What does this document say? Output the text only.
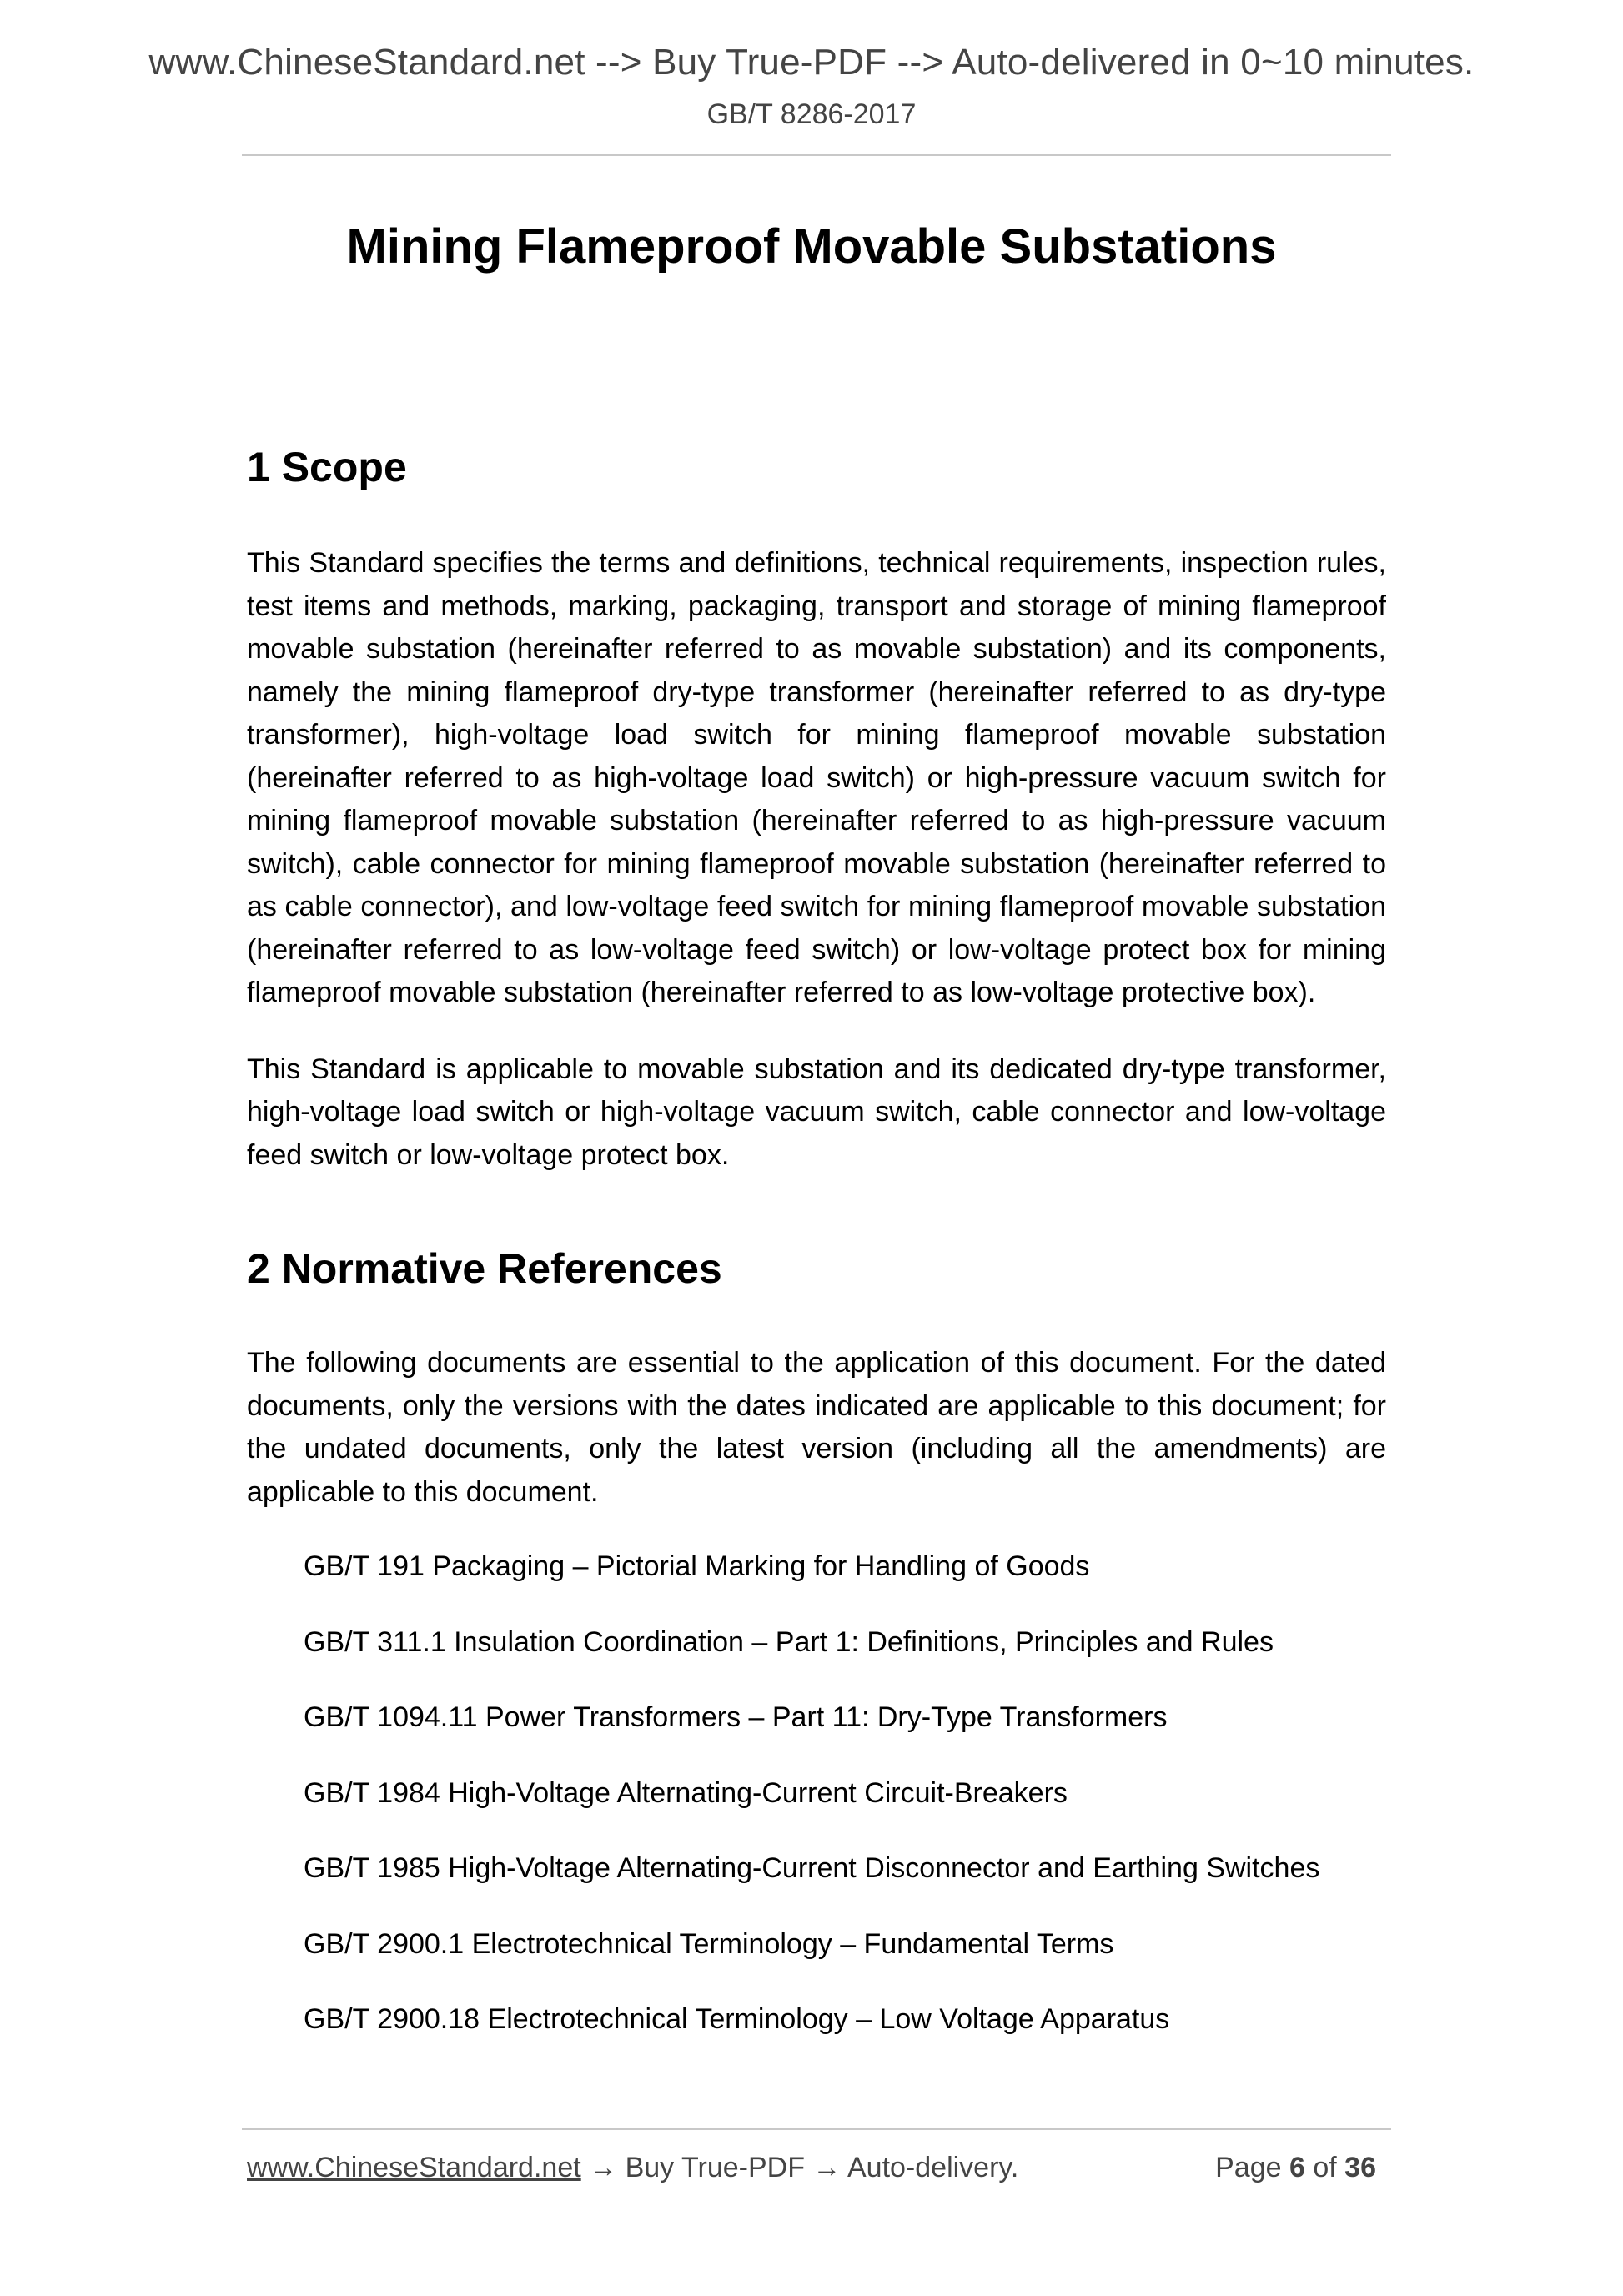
www.ChineseStandard.net --> Buy True-PDF --> Auto-delivered in 0~10 minutes.
GB/T 8286-2017
Mining Flameproof Movable Substations
1 Scope

This Standard specifies the terms and definitions, technical requirements, inspection rules, test items and methods, marking, packaging, transport and storage of mining flameproof movable substation (hereinafter referred to as movable substation) and its components, namely the mining flameproof dry-type transformer (hereinafter referred to as dry-type transformer), high-voltage load switch for mining flameproof movable substation (hereinafter referred to as high-voltage load switch) or high-pressure vacuum switch for mining flameproof movable substation (hereinafter referred to as high-pressure vacuum switch), cable connector for mining flameproof movable substation (hereinafter referred to as cable connector), and low-voltage feed switch for mining flameproof movable substation (hereinafter referred to as low-voltage feed switch) or low-voltage protect box for mining flameproof movable substation (hereinafter referred to as low-voltage protective box).

This Standard is applicable to movable substation and its dedicated dry-type transformer, high-voltage load switch or high-voltage vacuum switch, cable connector and low-voltage feed switch or low-voltage protect box.

2 Normative References

The following documents are essential to the application of this document. For the dated documents, only the versions with the dates indicated are applicable to this document; for the undated documents, only the latest version (including all the amendments) are applicable to this document.

GB/T 191 Packaging – Pictorial Marking for Handling of Goods
GB/T 311.1 Insulation Coordination – Part 1: Definitions, Principles and Rules
GB/T 1094.11 Power Transformers – Part 11: Dry-Type Transformers
GB/T 1984 High-Voltage Alternating-Current Circuit-Breakers
GB/T 1985 High-Voltage Alternating-Current Disconnector and Earthing Switches
GB/T 2900.1 Electrotechnical Terminology – Fundamental Terms
GB/T 2900.18 Electrotechnical Terminology – Low Voltage Apparatus
www.ChineseStandard.net → Buy True-PDF → Auto-delivery.	Page 6 of 36
